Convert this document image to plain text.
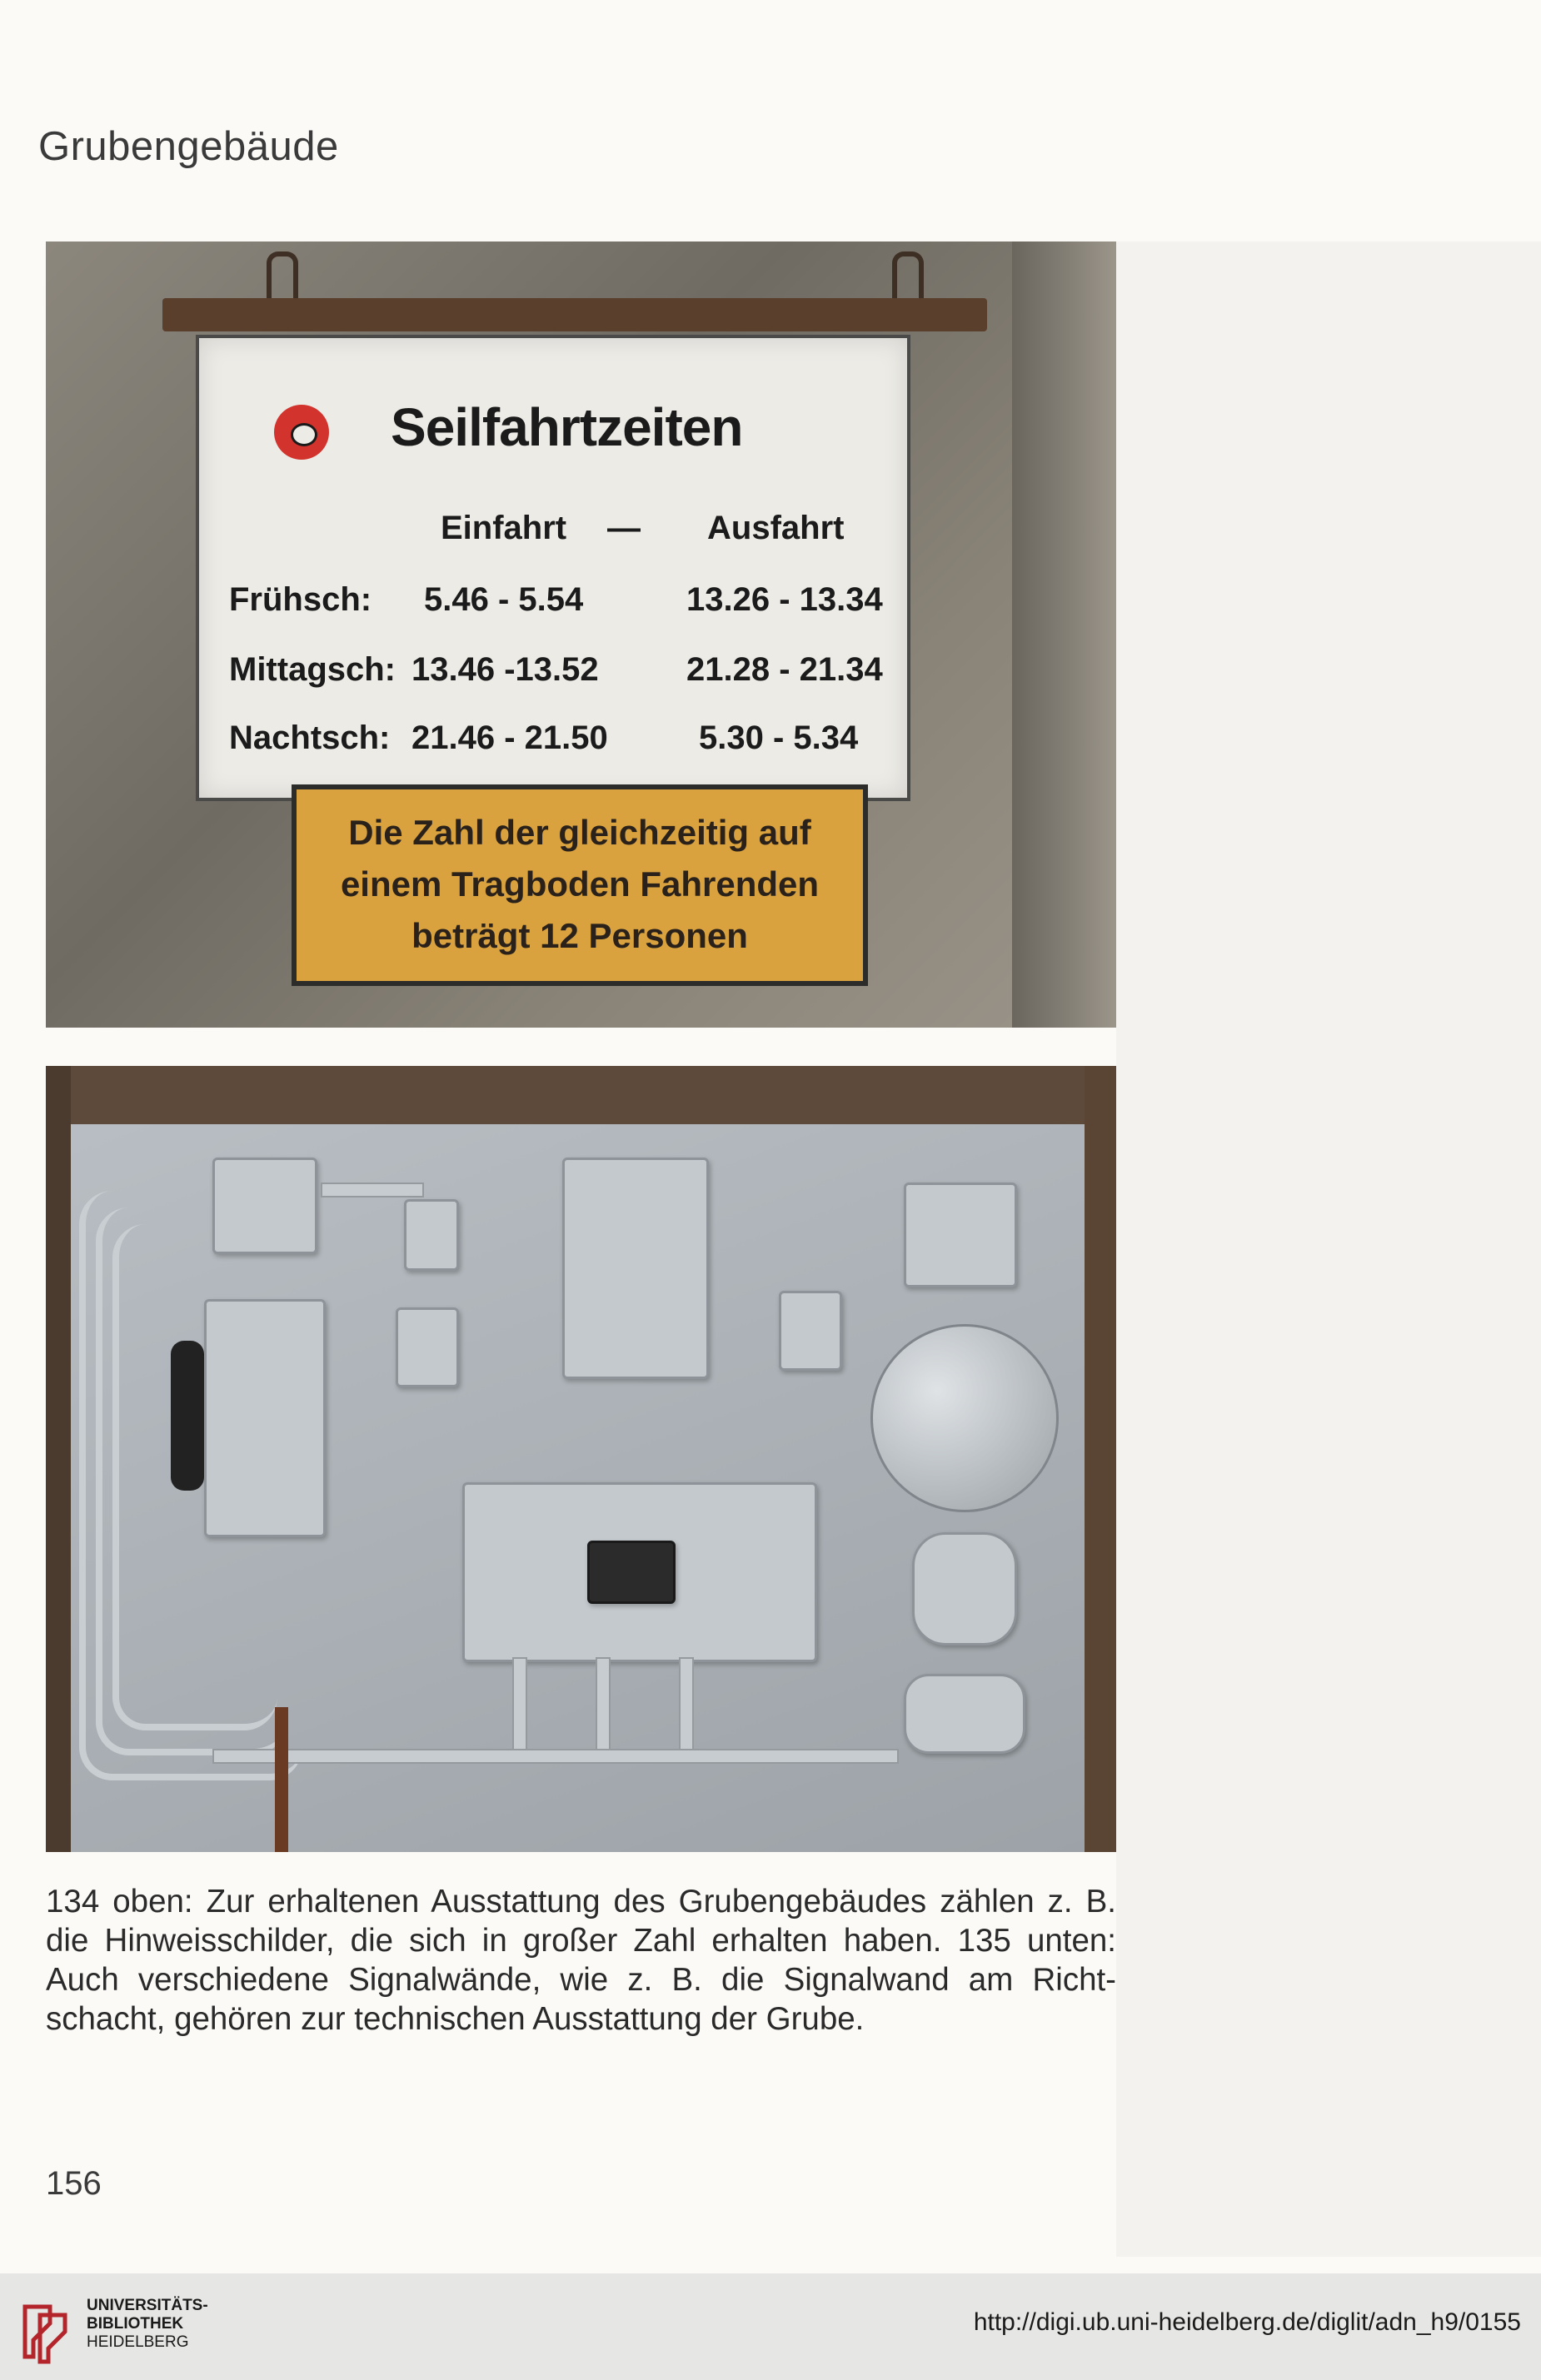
Grubengebäude
Seilfahrtzeiten
Einfahrt — Ausfahrt
Frühsch: 5.46 - 5.54	13.26 - 13.34
Mittagsch: 13.46 -13.52	21.28 - 21.34
Nachtsch: 21.46 - 21.50	5.30 - 5.34
Die Zahl der gleichzeitig auf
einem Tragboden Fahrenden
beträgt 12 Personen

134 oben: Zur erhaltenen Ausstattung des Grubengebäudes zählen z. B. die Hinweisschilder, die sich in großer Zahl erhalten haben. 135 unten: Auch verschiedene Signalwände, wie z. B. die Signalwand am Richt-schacht, gehören zur technischen Ausstattung der Grube.

156
UNIVERSITÄTS-
BIBLIOTHEK
HEIDELBERG
http://digi.ub.uni-heidelberg.de/diglit/adn_h9/0155
